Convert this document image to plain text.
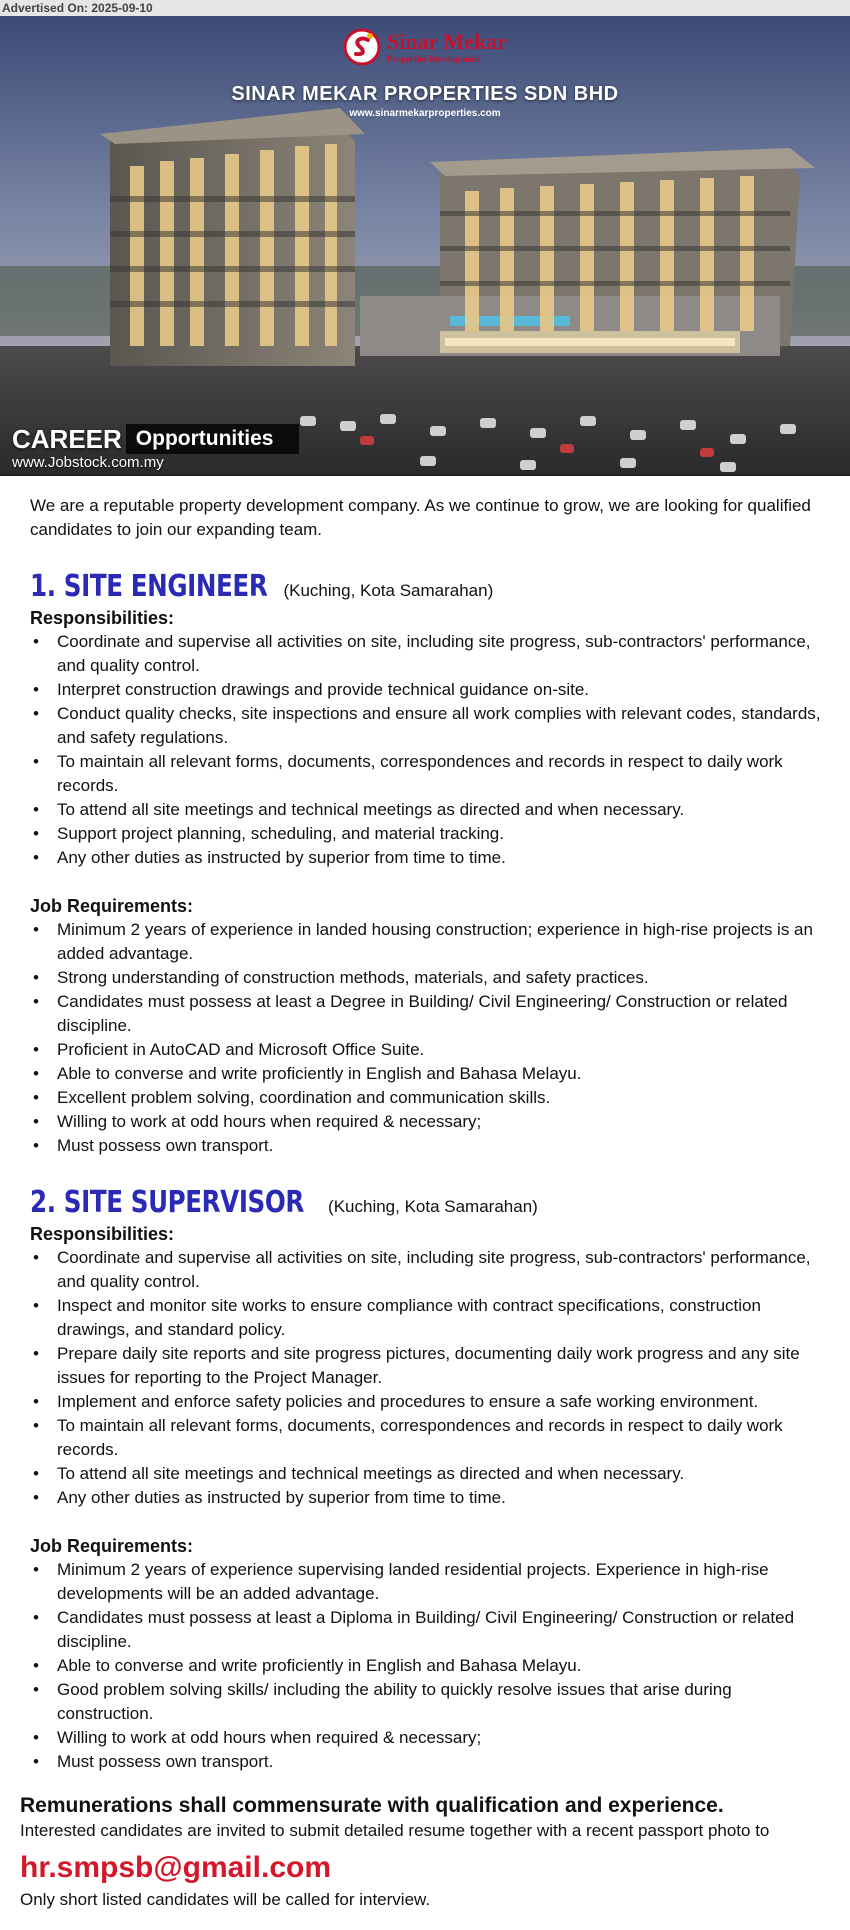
Advertised On: 2025-09-10
Sinar Mekar
Properties Development
SINAR MEKAR PROPERTIES SDN BHD
www.sinarmekarproperties.com
CAREER Opportunities
www.Jobstock.com.my

We are a reputable property development company. As we continue to grow, we are looking for qualified candidates to join our expanding team.

1. SITE ENGINEER (Kuching, Kota Samarahan)
Responsibilities:
• Coordinate and supervise all activities on site, including site progress, sub-contractors' performance, and quality control.
• Interpret construction drawings and provide technical guidance on-site.
• Conduct quality checks, site inspections and ensure all work complies with relevant codes, standards, and safety regulations.
• To maintain all relevant forms, documents, correspondences and records in respect to daily work records.
• To attend all site meetings and technical meetings as directed and when necessary.
• Support project planning, scheduling, and material tracking.
• Any other duties as instructed by superior from time to time.
Job Requirements:
• Minimum 2 years of experience in landed housing construction; experience in high-rise projects is an added advantage.
• Strong understanding of construction methods, materials, and safety practices.
• Candidates must possess at least a Degree in Building/ Civil Engineering/ Construction or related discipline.
• Proficient in AutoCAD and Microsoft Office Suite.
• Able to converse and write proficiently in English and Bahasa Melayu.
• Excellent problem solving, coordination and communication skills.
• Willing to work at odd hours when required & necessary;
• Must possess own transport.
2. SITE SUPERVISOR (Kuching, Kota Samarahan)
Responsibilities:
• Coordinate and supervise all activities on site, including site progress, sub-contractors' performance, and quality control.
• Inspect and monitor site works to ensure compliance with contract specifications, construction drawings, and standard policy.
• Prepare daily site reports and site progress pictures, documenting daily work progress and any site issues for reporting to the Project Manager.
• Implement and enforce safety policies and procedures to ensure a safe working environment.
• To maintain all relevant forms, documents, correspondences and records in respect to daily work records.
• To attend all site meetings and technical meetings as directed and when necessary.
• Any other duties as instructed by superior from time to time.
Job Requirements:
• Minimum 2 years of experience supervising landed residential projects. Experience in high-rise developments will be an added advantage.
• Candidates must possess at least a Diploma in Building/ Civil Engineering/ Construction or related discipline.
• Able to converse and write proficiently in English and Bahasa Melayu.
• Good problem solving skills/ including the ability to quickly resolve issues that arise during construction.
• Willing to work at odd hours when required & necessary;
• Must possess own transport.
Remunerations shall commensurate with qualification and experience.
Interested candidates are invited to submit detailed resume together with a recent passport photo to
hr.smpsb@gmail.com
Only short listed candidates will be called for interview.
